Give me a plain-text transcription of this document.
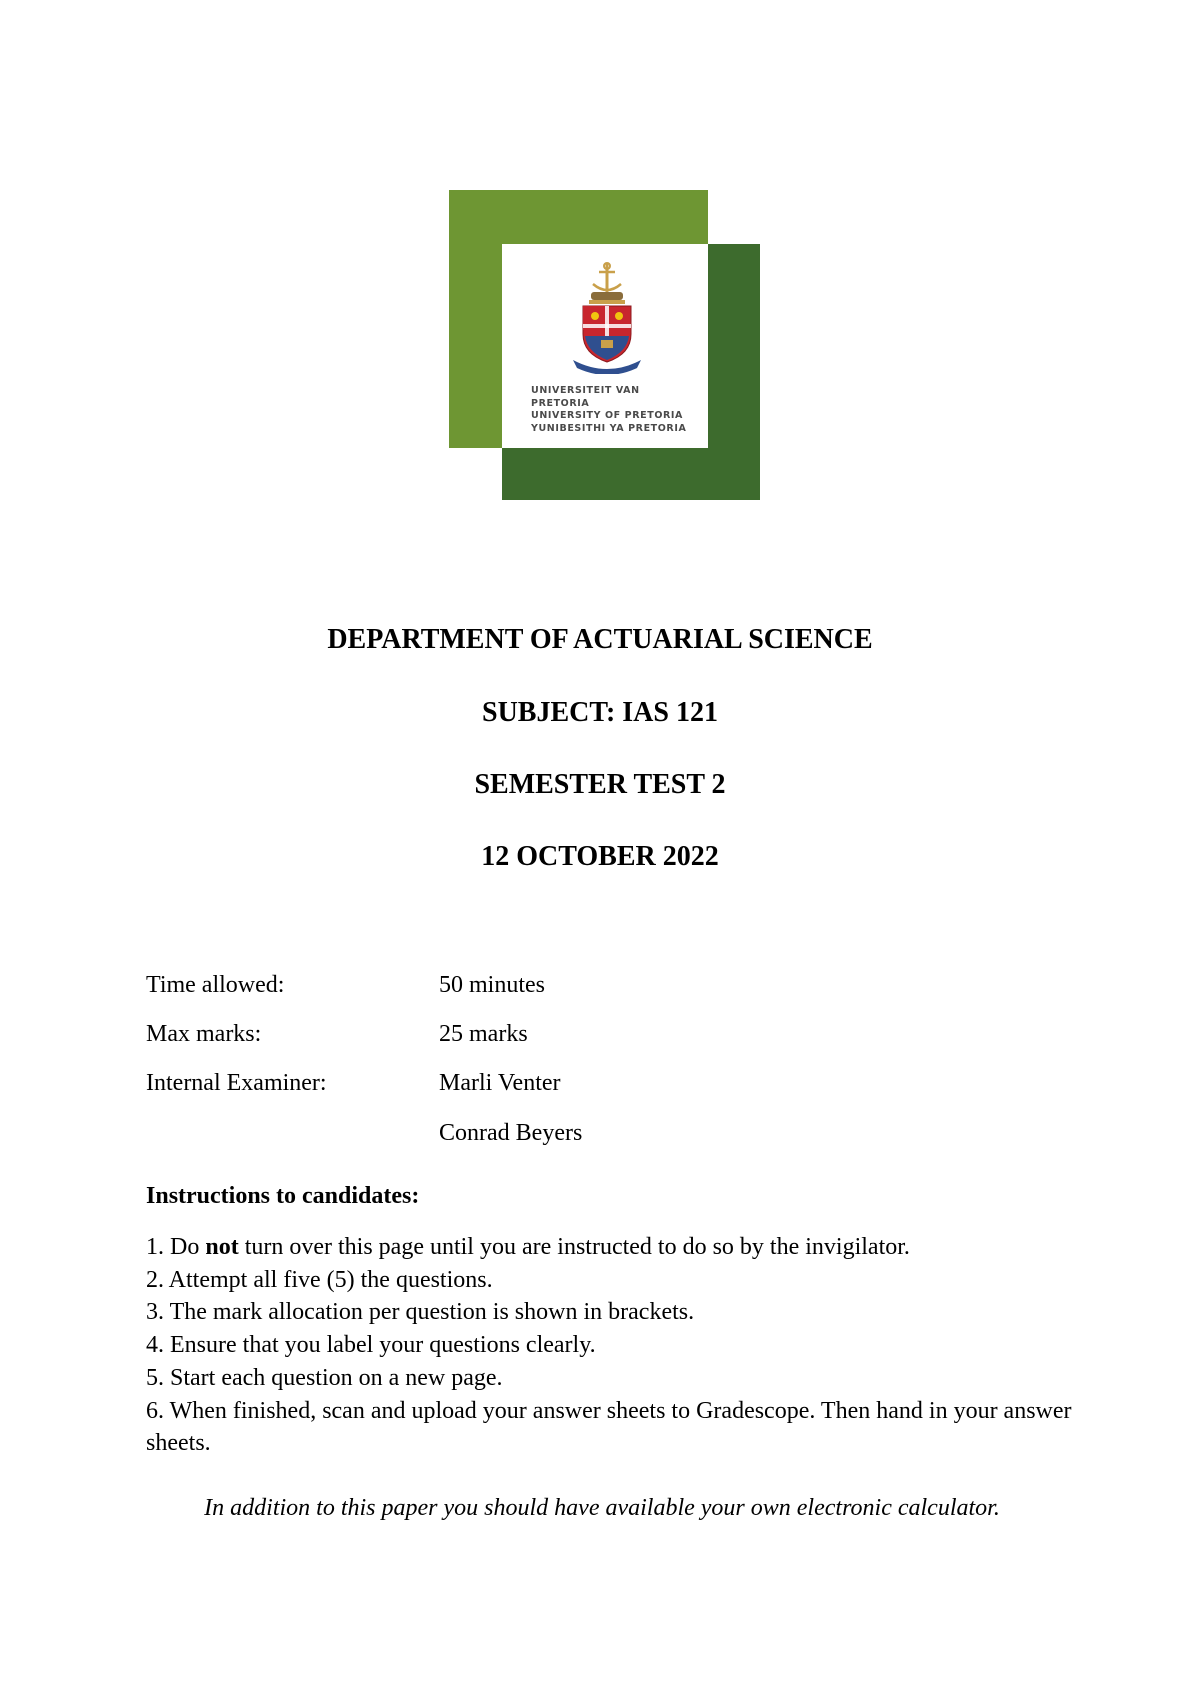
UNIVERSITEIT VAN PRETORIA
UNIVERSITY OF PRETORIA
YUNIBESITHI YA PRETORIA
DEPARTMENT OF ACTUARIAL SCIENCE
SUBJECT: IAS 121
SEMESTER TEST 2
12 OCTOBER 2022
Time allowed:	50 minutes
Max marks:	25 marks
Internal Examiner:	Marli Venter
Conrad Beyers
Instructions to candidates:
1. Do not turn over this page until you are instructed to do so by the invigilator.
2. Attempt all five (5) the questions.
3. The mark allocation per question is shown in brackets.
4. Ensure that you label your questions clearly.
5. Start each question on a new page.
6. When finished, scan and upload your answer sheets to Gradescope. Then hand in your answer sheets.
In addition to this paper you should have available your own electronic calculator.
